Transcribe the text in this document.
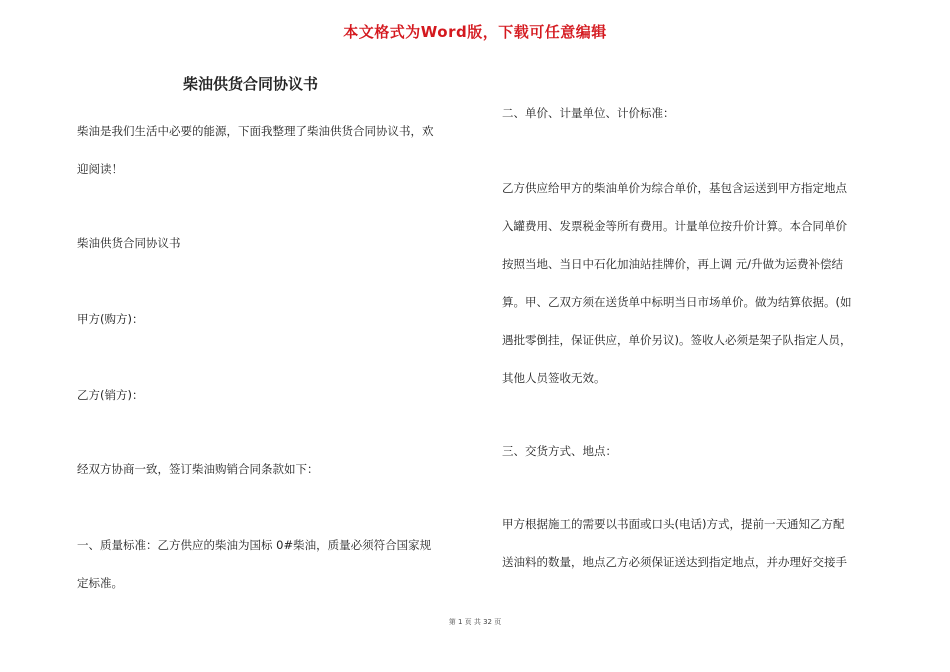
本文格式为Word版，下载可任意编辑
柴油供货合同协议书
柴油是我们生活中必要的能源，下面我整理了柴油供货合同协议书，欢
迎阅读！
柴油供货合同协议书
甲方(购方)：
乙方(销方)：
经双方协商一致，签订柴油购销合同条款如下：
一、质量标准：乙方供应的柴油为国标 0#柴油，质量必须符合国家规
定标准。
二、单价、计量单位、计价标准：
乙方供应给甲方的柴油单价为综合单价，基包含运送到甲方指定地点
入罐费用、发票税金等所有费用。计量单位按升价计算。本合同单价
按照当地、当日中石化加油站挂牌价，再上调 元/升做为运费补偿结
算。甲、乙双方须在送货单中标明当日市场单价。做为结算依据。(如
遇批零倒挂，保证供应，单价另议)。签收人必须是架子队指定人员，
其他人员签收无效。
三、交货方式、地点：
甲方根据施工的需要以书面或口头(电话)方式，提前一天通知乙方配
送油料的数量，地点乙方必须保证送达到指定地点，并办理好交接手
第 1 页 共 32 页
